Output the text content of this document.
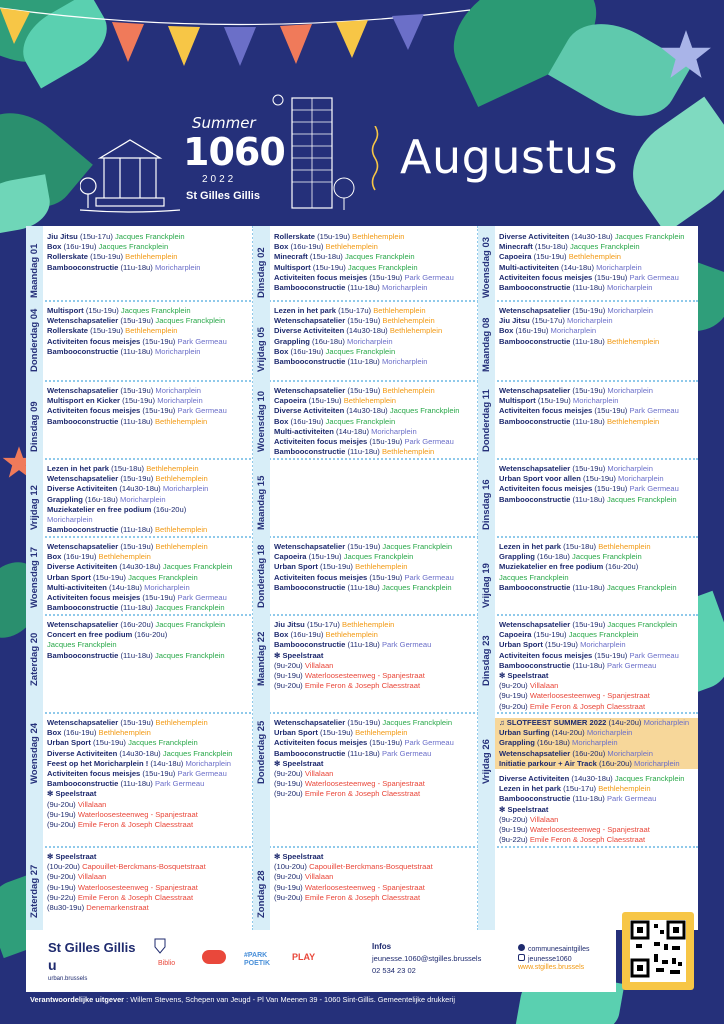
Summer
1060
2022
St Gilles Gillis
Augustus
Jiu Jitsu (15u-17u) Jacques Franckplein
Box (16u-19u) Jacques Franckplein
Rollerskate (15u-19u) Bethlehemplein
Bambooconstructie (11u-18u) Moricharplein
Rollerskate (15u-19u) Bethlehemplein
Box (16u-19u) Bethlehemplein
Minecraft (15u-18u) Jacques Franckplein
Multisport (15u-19u) Jacques Franckplein
Activiteiten focus meisjes (15u-19u) Park Germeau
Bambooconstructie (11u-18u) Moricharplein
Diverse Activiteiten (14u30-18u) Jacques Franckplein
Minecraft (15u-18u) Jacques Franckplein
Capoeira (15u-19u) Bethlehemplein
Multi-activiteiten (14u-18u) Moricharplein
Activiteiten focus meisjes (15u-19u) Park Germeau
Bambooconstructie (11u-18u) Moricharplein
Multisport (15u-19u) Jacques Franckplein
Wetenschapsatelier (15u-19u) Jacques Franckplein
Rollerskate (15u-19u) Bethlehemplein
Activiteiten focus meisjes (15u-19u) Park Germeau
Bambooconstructie (11u-18u) Moricharplein
Lezen in het park (15u-17u) Bethlehemplein
Wetenschapsatelier (15u-19u) Bethlehemplein
Diverse Activiteiten (14u30-18u) Bethlehemplein
Grappling (16u-18u) Moricharplein
Box (16u-19u) Jacques Franckplein
Bambooconstructie (11u-18u) Moricharplein
Wetenschapsatelier (15u-19u) Moricharplein
Jiu Jitsu (15u-17u) Moricharplein
Box (16u-19u) Moricharplein
Bambooconstructie (11u-18u) Bethlehemplein
Wetenschapsatelier (15u-19u) Moricharplein
Multisport en Kicker (15u-19u) Moricharplein
Activiteiten focus meisjes (15u-19u) Park Germeau
Bambooconstructie (11u-18u) Bethlehemplein
Wetenschapsatelier (15u-19u) Bethlehemplein
Capoeira (15u-19u) Bethlehemplein
Diverse Activiteiten (14u30-18u) Jacques Franckplein
Box (16u-19u) Jacques Franckplein
Multi-activiteiten (14u-18u) Moricharplein
Activiteiten focus meisjes (15u-19u) Park Germeau
Bambooconstructie (11u-18u) Bethlehemplein
Wetenschapsatelier (15u-19u) Moricharplein
Multisport (15u-19u) Moricharplein
Activiteiten focus meisjes (15u-19u) Park Germeau
Bambooconstructie (11u-18u) Bethlehemplein
Lezen in het park (15u-18u) Bethlehemplein
Wetenschapsatelier (15u-19u) Bethlehemplein
Diverse Activiteiten (14u30-18u) Moricharplein
Grappling (16u-18u) Moricharplein
Muziekatelier en free podium (16u-20u)
Moricharplein
Bambooconstructie (11u-18u) Bethlehemplein
Wetenschapsatelier (15u-19u) Moricharplein
Urban Sport voor allen (15u-19u) Moricharplein
Activiteiten focus meisjes (15u-19u) Park Germeau
Bambooconstructie (11u-18u) Jacques Franckplein
Wetenschapsatelier (15u-19u) Bethlehemplein
Box (16u-19u) Bethlehemplein
Diverse Activiteiten (14u30-18u) Jacques Franckplein
Urban Sport (15u-19u) Jacques Franckplein
Multi-activiteiten (14u-18u) Moricharplein
Activiteiten focus meisjes (15u-19u) Park Germeau
Bambooconstructie (11u-18u) Jacques Franckplein
Wetenschapsatelier (15u-19u) Jacques Franckplein
Capoeira (15u-19u) Jacques Franckplein
Urban Sport (15u-19u) Bethlehemplein
Activiteiten focus meisjes (15u-19u) Park Germeau
Bambooconstructie (11u-18u) Jacques Franckplein
Lezen in het park (15u-18u) Bethlehemplein
Grappling (16u-18u) Jacques Franckplein
Muziekatelier en free podium (16u-20u)
Jacques Franckplein
Bambooconstructie (11u-18u) Jacques Franckplein
Wetenschapsatelier (16u-20u) Jacques Franckplein
Concert en free podium (16u-20u)
Jacques Franckplein
Bambooconstructie (11u-18u) Jacques Franckplein
Jiu Jitsu (15u-17u) Bethlehemplein
Box (16u-19u) Bethlehemplein
Bambooconstructie (11u-18u) Park Germeau
✻ Speelstraat
(9u-20u) Villalaan
(9u-19u) Waterloosesteenweg - Spanjestraat
(9u-20u) Emile Feron & Joseph Claesstraat
Wetenschapsatelier (15u-19u) Jacques Franckplein
Capoeira (15u-19u) Jacques Franckplein
Urban Sport (15u-19u) Moricharplein
Activiteiten focus meisjes (15u-19u) Park Germeau
Bambooconstructie (11u-18u) Park Germeau
✻ Speelstraat
(9u-20u) Villalaan
(9u-19u) Waterloosesteenweg - Spanjestraat
(9u-20u) Emile Feron & Joseph Claesstraat
Wetenschapsatelier (15u-19u) Bethlehemplein
Box (16u-19u) Bethlehemplein
Urban Sport (15u-19u) Jacques Franckplein
Diverse Activiteiten (14u30-18u) Jacques Franckplein
Feest op het Moricharplein ! (14u-18u) Moricharplein
Activiteiten focus meisjes (15u-19u) Park Germeau
Bambooconstructie (11u-18u) Park Germeau
✻ Speelstraat
(9u-20u) Villalaan
(9u-19u) Waterloosesteenweg - Spanjestraat
(9u-20u) Emile Feron & Joseph Claesstraat
Wetenschapsatelier (15u-19u) Jacques Franckplein
Urban Sport (15u-19u) Bethlehemplein
Activiteiten focus meisjes (15u-19u) Park Germeau
Bambooconstructie (11u-18u) Park Germeau
✻ Speelstraat
(9u-20u) Villalaan
(9u-19u) Waterloosesteenweg - Spanjestraat
(9u-20u) Emile Feron & Joseph Claesstraat
♫ SLOTFEEST SUMMER 2022 (14u-20u) Moricharplein
Urban Surfing (14u-20u) Moricharplein
Grappling (16u-18u) Moricharplein
Wetenschapsatelier (16u-20u) Moricharplein
Initiatie parkour + Air Track (16u-20u) Moricharplein
Diverse Activiteiten (14u30-18u) Jacques Franckplein
Lezen in het park (15u-17u) Bethlehemplein
Bambooconstructie (11u-18u) Park Germeau
✻ Speelstraat
(9u-20u) Villalaan
(9u-19u) Waterloosesteenweg - Spanjestraat
(9u-22u) Emile Feron & Joseph Claesstraat
✻ Speelstraat
(10u-20u) Capouillet-Berckmans-Bosquetstraat
(9u-20u) Villalaan
(9u-19u) Waterloosesteenweg - Spanjestraat
(9u-22u) Emile Feron & Joseph Claesstraat
(8u30-19u) Denemarkenstraat
✻ Speelstraat
(10u-20u) Capouillet-Berckmans-Bosquetstraat
(9u-20u) Villalaan
(9u-19u) Waterloosesteenweg - Spanjestraat
(9u-20u) Emile Feron & Joseph Claesstraat
St Gilles Gillis
u
urban.brussels
Biblio
#PARK POETIK
PLAY
Infos
jeunesse.1060@stgilles.brussels
02 534 23 02
communesaintgilles
jeunesse1060
www.stgilles.brussels
Verantwoordelijke uitgever : Willem Stevens, Schepen van Jeugd - Pl Van Meenen 39 - 1060 Sint-Gillis. Gemeentelijke drukkerij
